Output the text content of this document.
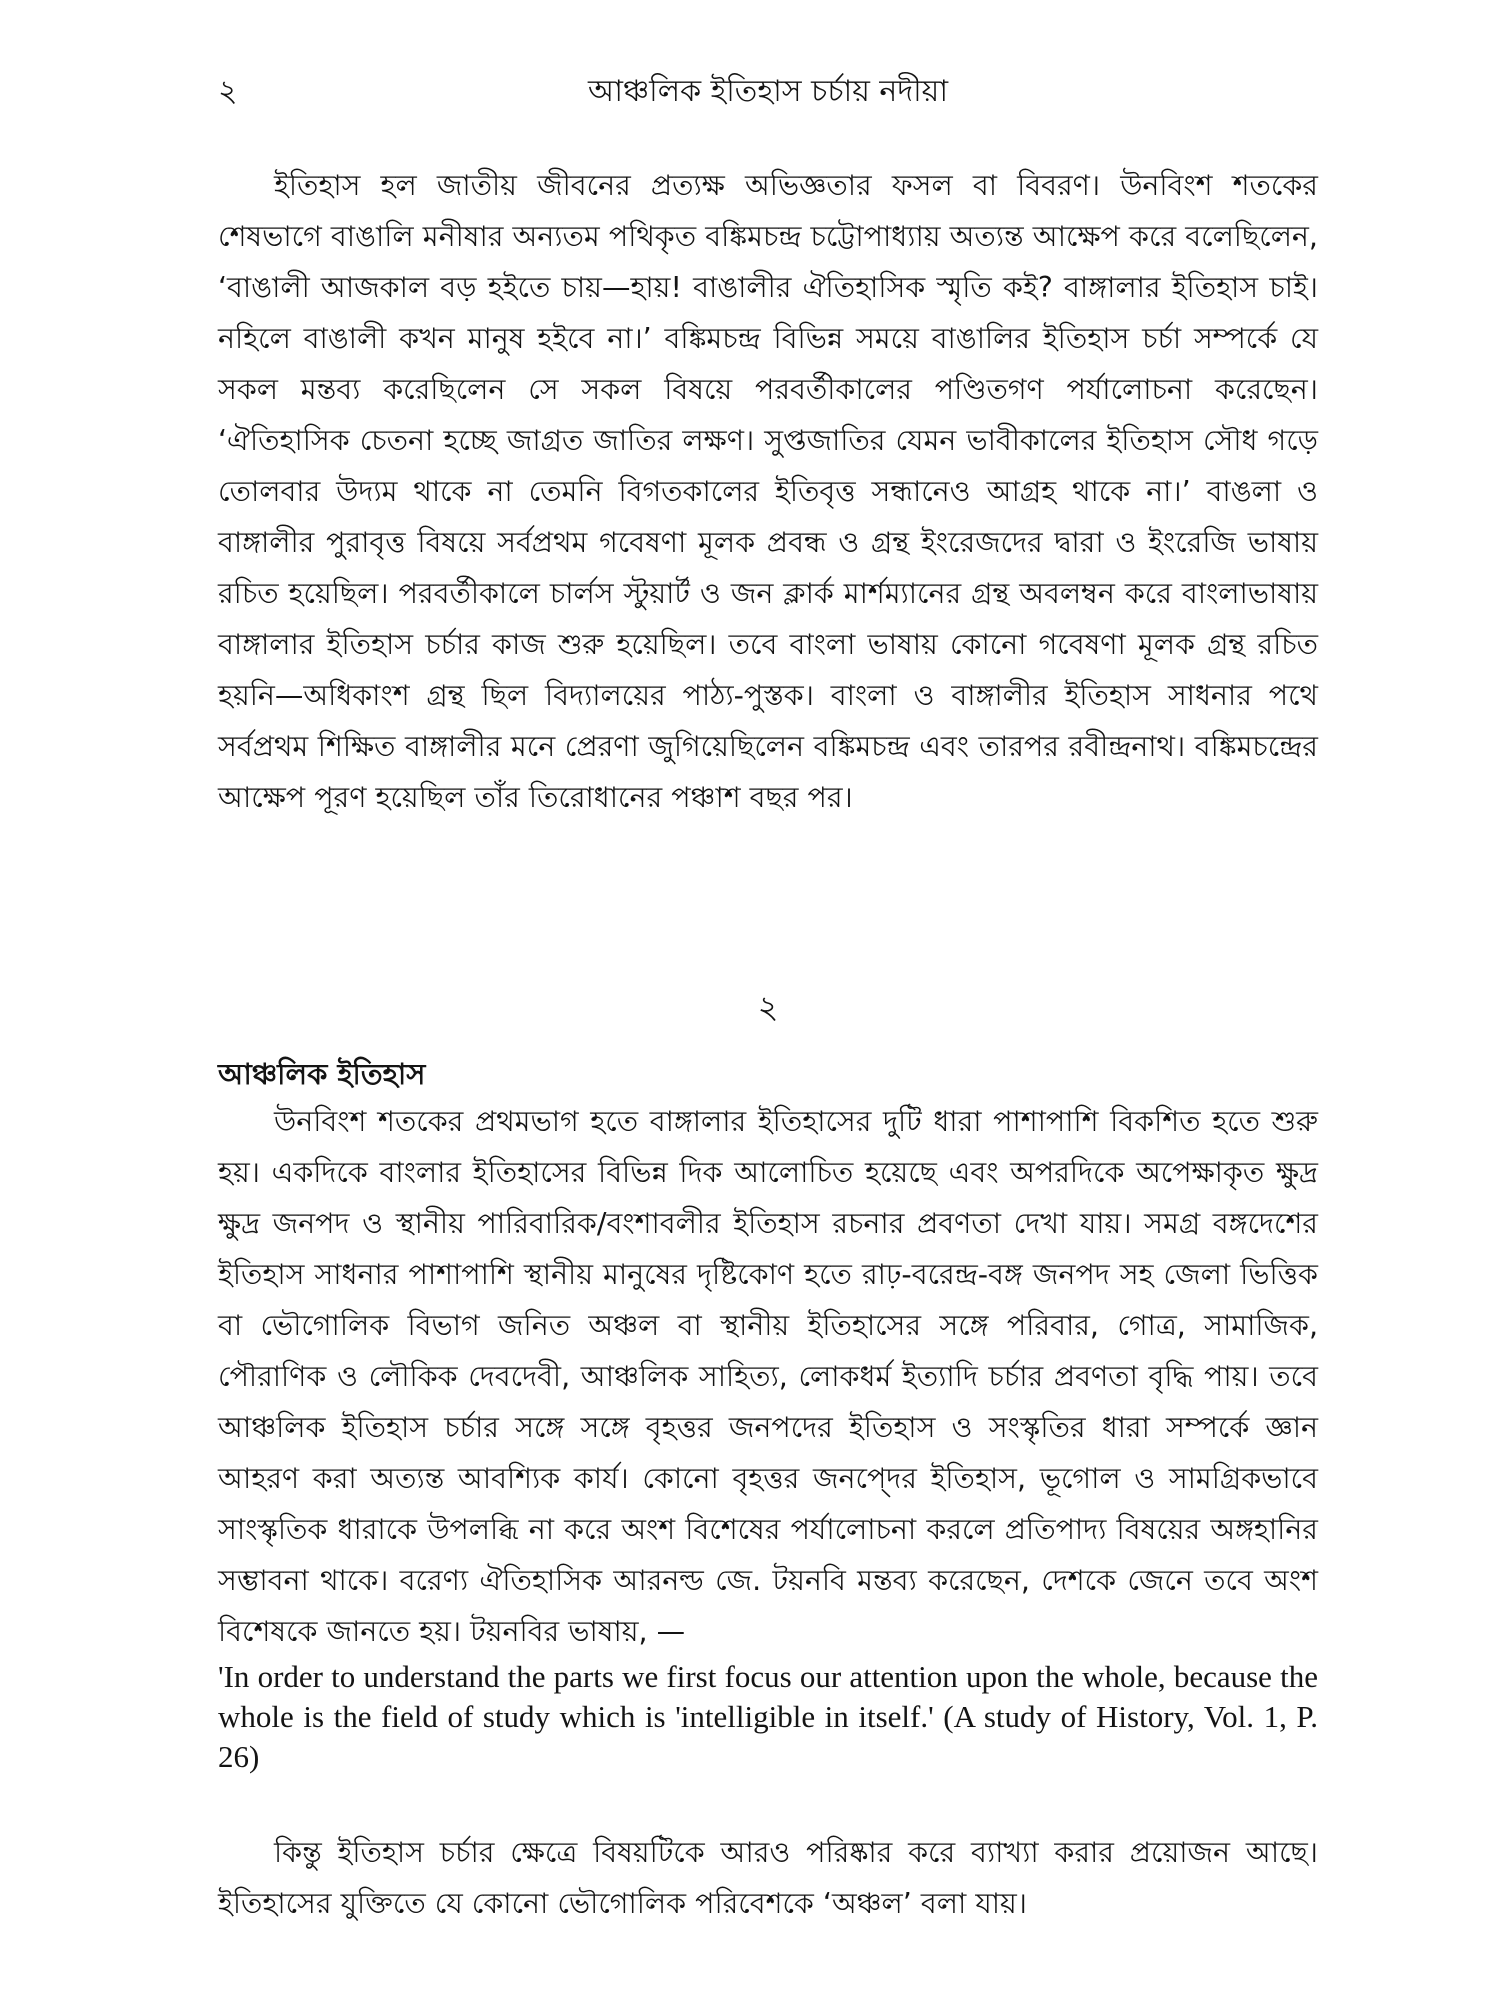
২	আঞ্চলিক ইতিহাস চর্চায় নদীয়া

ইতিহাস হল জাতীয় জীবনের প্রত্যক্ষ অভিজ্ঞতার ফসল বা বিবরণ। উনবিংশ শতকের শেষভাগে বাঙালি মনীষার অন্যতম পথিকৃত বঙ্কিমচন্দ্র চট্টোপাধ্যায় অত্যন্ত আক্ষেপ করে বলেছিলেন, ‘বাঙালী আজকাল বড় হইতে চায়—হায়! বাঙালীর ঐতিহাসিক স্মৃতি কই? বাঙ্গালার ইতিহাস চাই। নহিলে বাঙালী কখন মানুষ হইবে না।’ বঙ্কিমচন্দ্র বিভিন্ন সময়ে বাঙালির ইতিহাস চর্চা সম্পর্কে যে সকল মন্তব্য করেছিলেন সে সকল বিষয়ে পরবর্তীকালের পণ্ডিতগণ পর্যালোচনা করেছেন। ‘ঐতিহাসিক চেতনা হচ্ছে জাগ্রত জাতির লক্ষণ। সুপ্তজাতির যেমন ভাবীকালের ইতিহাস সৌধ গড়ে তোলবার উদ্যম থাকে না তেমনি বিগতকালের ইতিবৃত্ত সন্ধানেও আগ্রহ থাকে না।’ বাঙলা ও বাঙ্গালীর পুরাবৃত্ত বিষয়ে সর্বপ্রথম গবেষণা মূলক প্রবন্ধ ও গ্রন্থ ইংরেজদের দ্বারা ও ইংরেজি ভাষায় রচিত হয়েছিল। পরবর্তীকালে চার্লস স্টুয়ার্ট ও জন ক্লার্ক মার্শম্যানের গ্রন্থ অবলম্বন করে বাংলাভাষায় বাঙ্গালার ইতিহাস চর্চার কাজ শুরু হয়েছিল। তবে বাংলা ভাষায় কোনো গবেষণা মূলক গ্রন্থ রচিত হয়নি—অধিকাংশ গ্রন্থ ছিল বিদ্যালয়ের পাঠ্য-পুস্তক। বাংলা ও বাঙ্গালীর ইতিহাস সাধনার পথে সর্বপ্রথম শিক্ষিত বাঙ্গালীর মনে প্রেরণা জুগিয়েছিলেন বঙ্কিমচন্দ্র এবং তারপর রবীন্দ্রনাথ। বঙ্কিমচন্দ্রের আক্ষেপ পূরণ হয়েছিল তাঁর তিরোধানের পঞ্চাশ বছর পর।

২
আঞ্চলিক ইতিহাস

উনবিংশ শতকের প্রথমভাগ হতে বাঙ্গালার ইতিহাসের দুটি ধারা পাশাপাশি বিকশিত হতে শুরু হয়। একদিকে বাংলার ইতিহাসের বিভিন্ন দিক আলোচিত হয়েছে এবং অপরদিকে অপেক্ষাকৃত ক্ষুদ্র ক্ষুদ্র জনপদ ও স্থানীয় পারিবারিক/বংশাবলীর ইতিহাস রচনার প্রবণতা দেখা যায়। সমগ্র বঙ্গদেশের ইতিহাস সাধনার পাশাপাশি স্থানীয় মানুষের দৃষ্টিকোণ হতে রাঢ়-বরেন্দ্র-বঙ্গ জনপদ সহ জেলা ভিত্তিক বা ভৌগোলিক বিভাগ জনিত অঞ্চল বা স্থানীয় ইতিহাসের সঙ্গে পরিবার, গোত্র, সামাজিক, পৌরাণিক ও লৌকিক দেবদেবী, আঞ্চলিক সাহিত্য, লোকধর্ম ইত্যাদি চর্চার প্রবণতা বৃদ্ধি পায়। তবে আঞ্চলিক ইতিহাস চর্চার সঙ্গে সঙ্গে বৃহত্তর জনপদের ইতিহাস ও সংস্কৃতির ধারা সম্পর্কে জ্ঞান আহরণ করা অত্যন্ত আবশ্যিক কার্য। কোনো বৃহত্তর জনপ্দের ইতিহাস, ভূগোল ও সামগ্রিকভাবে সাংস্কৃতিক ধারাকে উপলব্ধি না করে অংশ বিশেষের পর্যালোচনা করলে প্রতিপাদ্য বিষয়ের অঙ্গহানির সম্ভাবনা থাকে। বরেণ্য ঐতিহাসিক আরনল্ড জে. টয়নবি মন্তব্য করেছেন, দেশকে জেনে তবে অংশ বিশেষকে জানতে হয়। টয়নবির ভাষায়, —

'In order to understand the parts we first focus our attention upon the whole, because the whole is the field of study which is 'intelligible in itself.' (A study of History, Vol. 1, P. 26)

কিন্তু ইতিহাস চর্চার ক্ষেত্রে বিষয়টিকে আরও পরিষ্কার করে ব্যাখ্যা করার প্রয়োজন আছে। ইতিহাসের যুক্তিতে যে কোনো ভৌগোলিক পরিবেশকে ‘অঞ্চল’ বলা যায়।
